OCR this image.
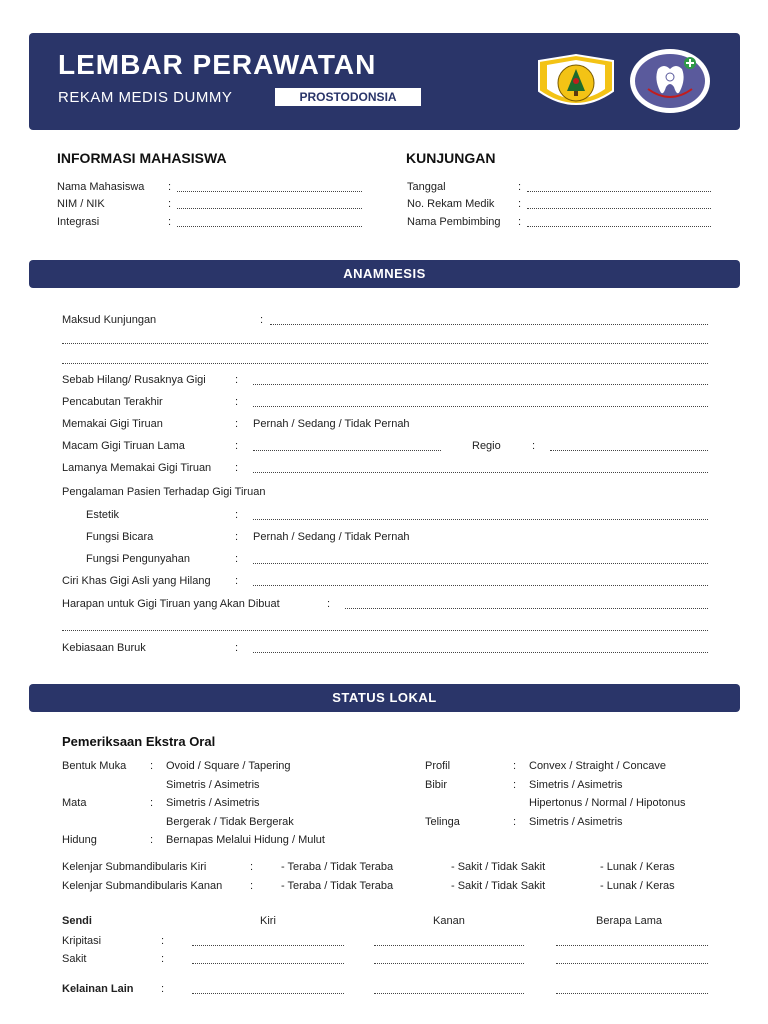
LEMBAR PERAWATAN
REKAM MEDIS DUMMY	PROSTODONSIA
INFORMASI MAHASISWA	KUNJUNGAN
Nama Mahasiswa :
NIM / NIK	:
Integrasi	:
Tanggal	:
No. Rekam Medik :
Nama Pembimbing :
ANAMNESIS
Maksud Kunjungan	:
Sebab Hilang/ Rusaknya Gigi	:
Pencabutan Terakhir	:
Memakai Gigi Tiruan	: Pernah / Sedang / Tidak Pernah
Macam Gigi Tiruan Lama	:	Regio	:
Lamanya Memakai Gigi Tiruan :
Pengalaman Pasien Terhadap Gigi Tiruan
Estetik	:
Fungsi Bicara	: Pernah / Sedang / Tidak Pernah
Fungsi Pengunyahan	:
Ciri Khas Gigi Asli yang Hilang :
Harapan untuk Gigi Tiruan yang Akan Dibuat	:
Kebiasaan Buruk	:
STATUS LOKAL
Pemeriksaan Ekstra Oral
Bentuk Muka : Ovoid / Square / Tapering
Simetris / Asimetris
Mata	: Simetris / Asimetris
Bergerak / Tidak Bergerak
Hidung	: Bernapas Melalui Hidung / Mulut
Profil	: Convex / Straight / Concave
Bibir	: Simetris / Asimetris
Hipertonus / Normal / Hipotonus
Telinga	: Simetris / Asimetris
Kelenjar Submandibularis Kiri	:	- Teraba / Tidak Teraba	- Sakit / Tidak Sakit	- Lunak / Keras
Kelenjar Submandibularis Kanan	:	- Teraba / Tidak Teraba	- Sakit / Tidak Sakit	- Lunak / Keras
Sendi	Kiri	Kanan	Berapa Lama
Kripitasi	:
Sakit	:
Kelainan Lain :
